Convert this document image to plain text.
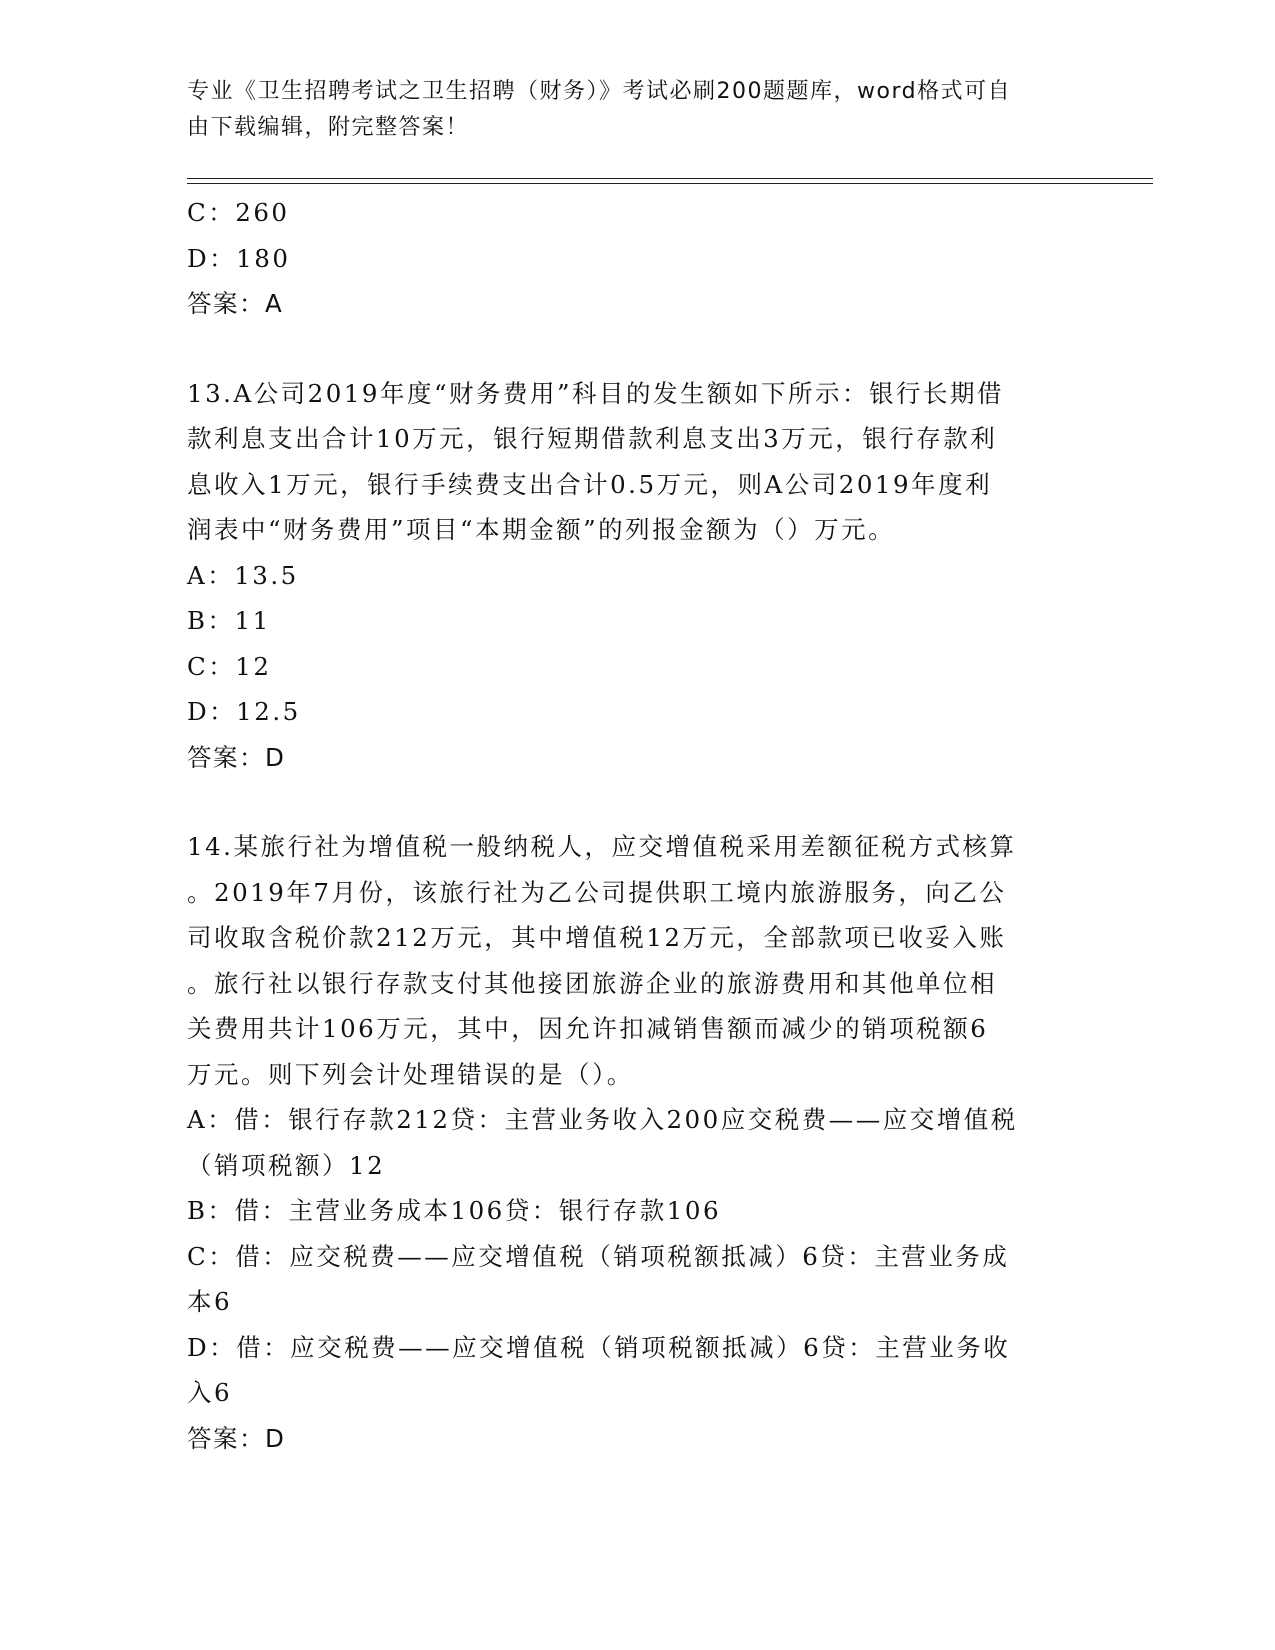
专业《卫生招聘考试之卫生招聘（财务）》考试必刷200题题库，word格式可自
由下载编辑，附完整答案！

C：260

D：180

答案：A

13.A公司2019年度“财务费用”科目的发生额如下所示：银行长期借

款利息支出合计10万元，银行短期借款利息支出3万元，银行存款利

息收入1万元，银行手续费支出合计0.5万元，则A公司2019年度利

润表中“财务费用”项目“本期金额”的列报金额为（）万元。

A：13.5

B：11

C：12

D：12.5

答案：D

14.某旅行社为增值税一般纳税人，应交增值税采用差额征税方式核算

。2019年7月份，该旅行社为乙公司提供职工境内旅游服务，向乙公

司收取含税价款212万元，其中增值税12万元，全部款项已收妥入账

。旅行社以银行存款支付其他接团旅游企业的旅游费用和其他单位相

关费用共计106万元，其中，因允许扣减销售额而减少的销项税额6

万元。则下列会计处理错误的是（）。

A：借：银行存款212贷：主营业务收入200应交税费——应交增值税

（销项税额）12

B：借：主营业务成本106贷：银行存款106

C：借：应交税费——应交增值税（销项税额抵减）6贷：主营业务成

本6

D：借：应交税费——应交增值税（销项税额抵减）6贷：主营业务收

入6

答案：D
